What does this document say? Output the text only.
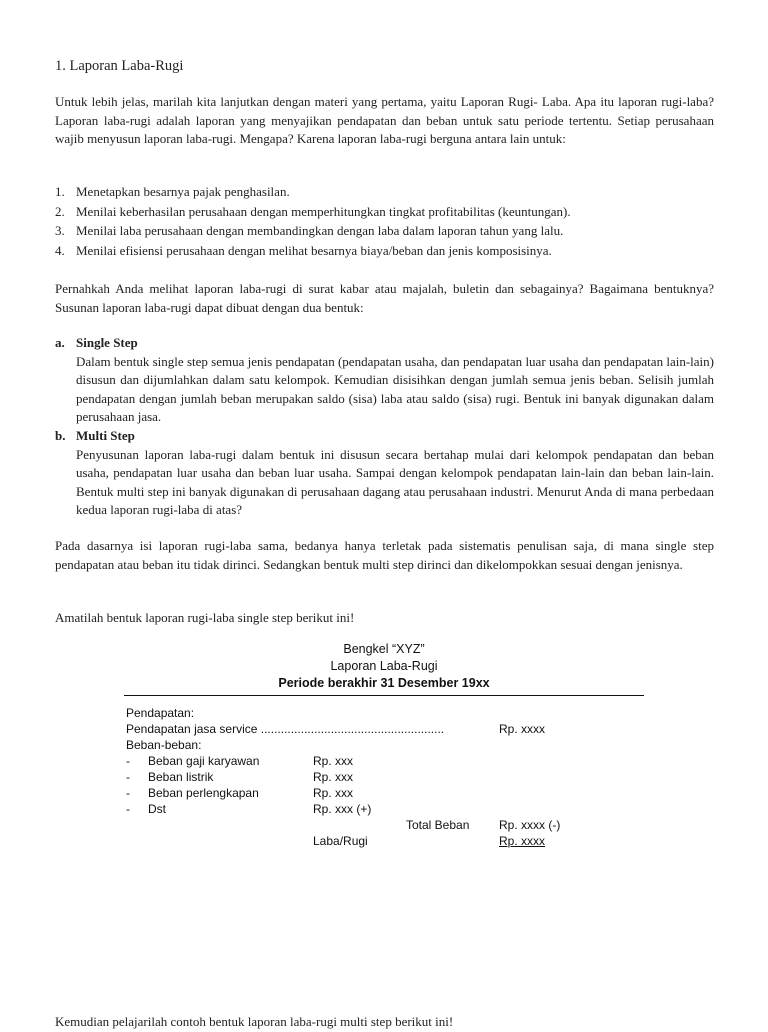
1. Laporan Laba-Rugi

Untuk lebih jelas, marilah kita lanjutkan dengan materi yang pertama, yaitu Laporan Rugi- Laba. Apa itu laporan rugi-laba? Laporan laba-rugi adalah laporan yang menyajikan pendapatan dan beban untuk satu periode tertentu. Setiap perusahaan wajib menyusun laporan laba-rugi. Mengapa? Karena laporan laba-rugi berguna antara lain untuk:

1. Menetapkan besarnya pajak penghasilan.
2. Menilai keberhasilan perusahaan dengan memperhitungkan tingkat profitabilitas (keuntungan).
3. Menilai laba perusahaan dengan membandingkan dengan laba dalam laporan tahun yang lalu.
4. Menilai efisiensi perusahaan dengan melihat besarnya biaya/beban dan jenis komposisinya.

Pernahkah Anda melihat laporan laba-rugi di surat kabar atau majalah, buletin dan sebagainya? Bagaimana bentuknya? Susunan laporan laba-rugi dapat dibuat dengan dua bentuk:

a. Single Step
Dalam bentuk single step semua jenis pendapatan (pendapatan usaha, dan pendapatan luar usaha dan pendapatan lain-lain) disusun dan dijumlahkan dalam satu kelompok. Kemudian disisihkan dengan jumlah semua jenis beban. Selisih jumlah pendapatan dengan jumlah beban merupakan saldo (sisa) laba atau saldo (sisa) rugi. Bentuk ini banyak digunakan dalam perusahaan jasa.
b. Multi Step
Penyusunan laporan laba-rugi dalam bentuk ini disusun secara bertahap mulai dari kelompok pendapatan dan beban usaha, pendapatan luar usaha dan beban luar usaha. Sampai dengan kelompok pendapatan lain-lain dan beban lain-lain. Bentuk multi step ini banyak digunakan di perusahaan dagang atau perusahaan industri. Menurut Anda di mana perbedaan kedua laporan rugi-laba di atas?

Pada dasarnya isi laporan rugi-laba sama, bedanya hanya terletak pada sistematis penulisan saja, di mana single step pendapatan atau beban itu tidak dirinci. Sedangkan bentuk multi step dirinci dan dikelompokkan sesuai dengan jenisnya.

Amatilah bentuk laporan rugi-laba single step berikut ini!

Bengkel “XYZ”
Laporan Laba-Rugi
Periode berakhir 31 Desember 19xx
Pendapatan:
Pendapatan jasa service .......................................................	Rp. xxxx
Beban-beban:
- Beban gaji karyawan	Rp. xxx
- Beban listrik	Rp. xxx
- Beban perlengkapan	Rp. xxx
- Dst	Rp. xxx (+)
Total Beban Rp. xxxx (-)
Laba/Rugi	Rp. xxxx
Kemudian pelajarilah contoh bentuk laporan laba-rugi multi step berikut ini!
